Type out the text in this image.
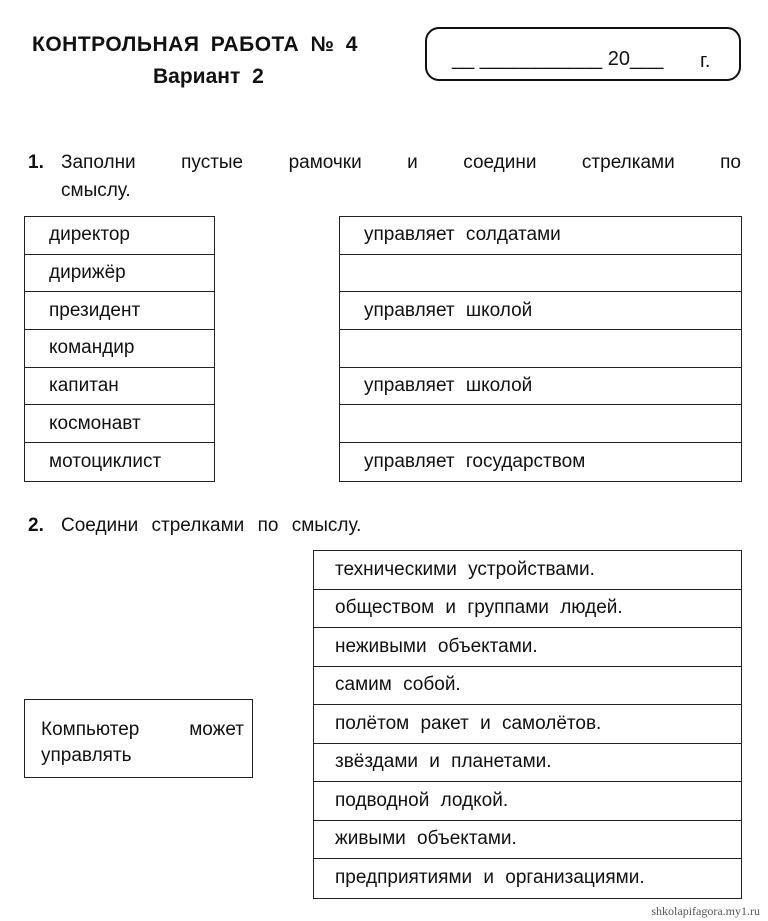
КОНТРОЛЬНАЯ РАБОТА № 4
Вариант 2
__ ___________ 20___ г.
1. Заполни пустые рамочки и соедини стрелками по
смыслу.
директор
дирижёр
президент
командир
капитан
космонавт
мотоциклист
управляет солдатами
управляет школой
управляет школой
управляет государством
2. Соедини стрелками по смыслу.
Компьютер	может
управлять
техническими устройствами.
обществом и группами людей.
неживыми объектами.
самим собой.
полётом ракет и самолётов.
звёздами и планетами.
подводной лодкой.
живыми объектами.
предприятиями и организациями.
shkolapifagora.my1.ru
